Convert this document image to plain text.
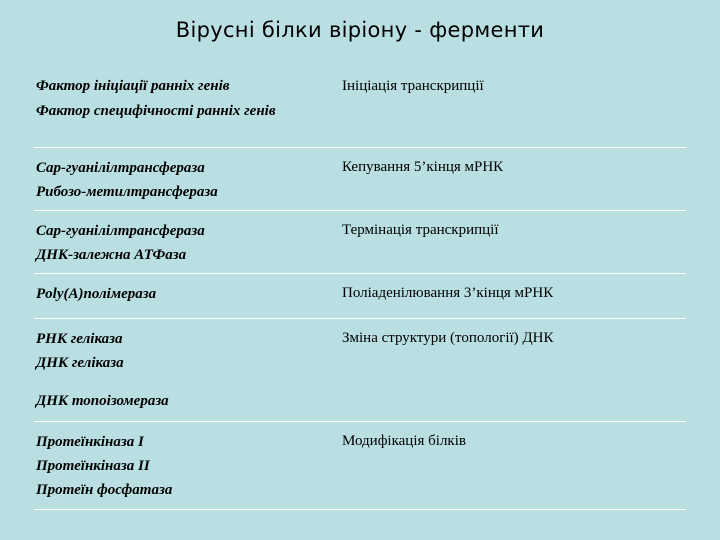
Вірусні білки віріону - ферменти
Фактор ініціації ранніх генів
Фактор специфічності ранніх генів
Ініціація транскрипції
Cap-гуанілілтрансфераза
Рибозо-метилтрансфераза
Кепування 5’кінця мРНК
Cap-гуанілілтрансфераза
ДНК-залежна АТФаза
Термінація транскрипції
Poly(A)полімераза	Поліаденілювання 3’кінця мРНК
РНК геліказа
ДНК геліказа
ДНК топоізомераза
Зміна структури (топології) ДНК
Протеїнкіназа І
Протеїнкіназа ІІ
Протеїн фосфатаза
Модифікація білків
